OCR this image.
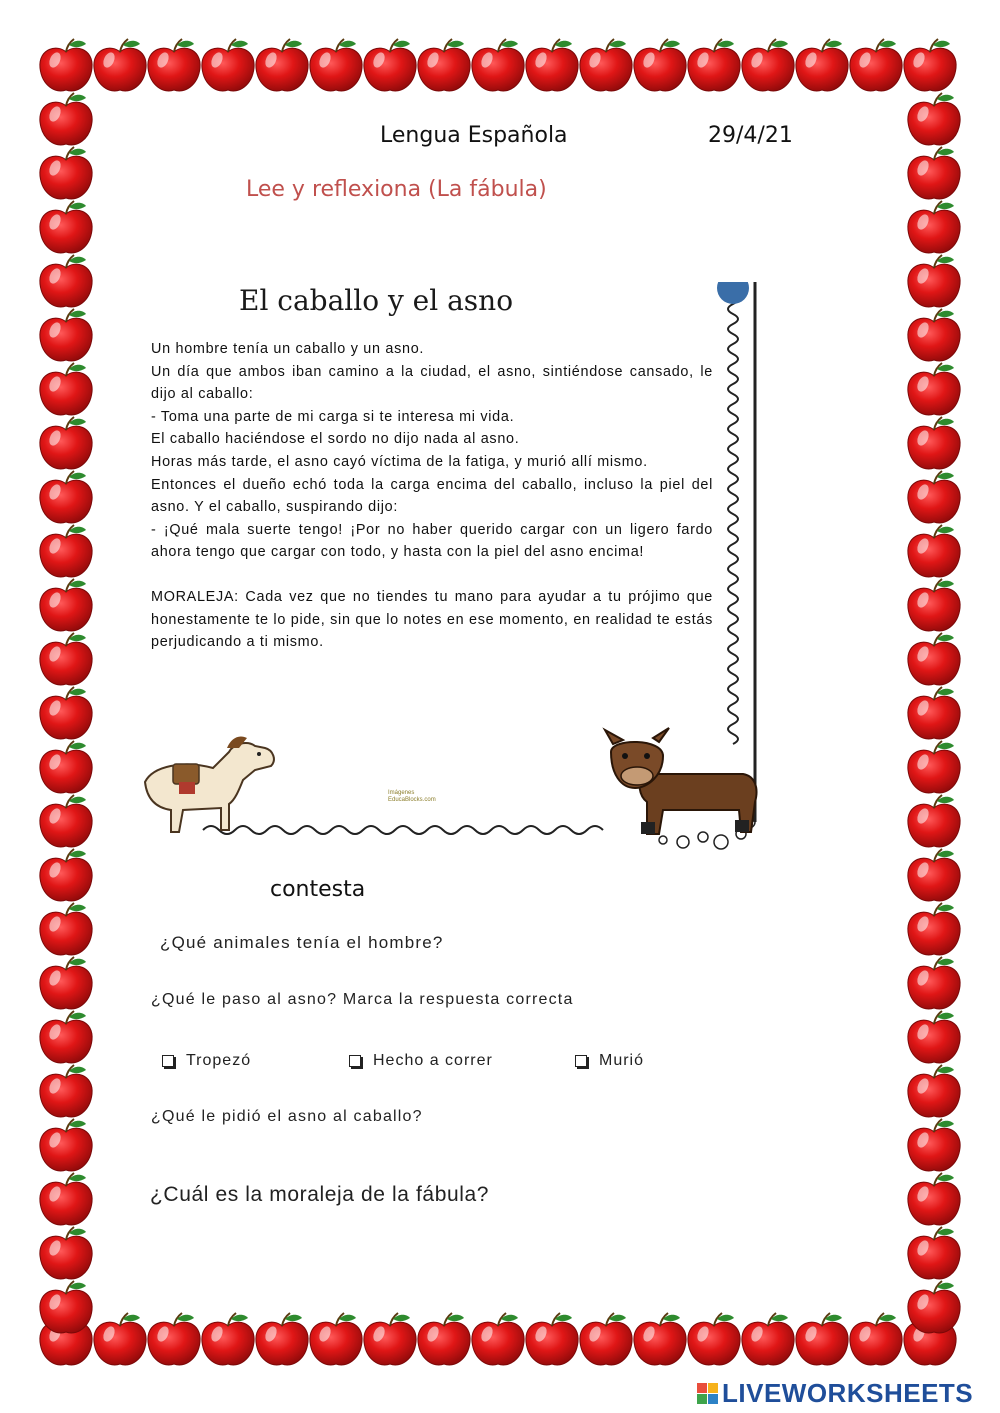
Lengua Española	29/4/21
Lee y reflexiona (La fábula)
El caballo y el asno

Un hombre tenía un caballo y un asno.

Un día que ambos iban camino a la ciudad, el asno, sintiéndose cansado, le dijo al caballo:

- Toma una parte de mi carga si te interesa mi vida.

El caballo haciéndose el sordo no dijo nada al asno.

Horas más tarde, el asno cayó víctima de la fatiga, y murió allí mismo.

Entonces el dueño echó toda la carga encima del caballo, incluso la piel del asno. Y el caballo, suspirando dijo:

- ¡Qué mala suerte tengo! ¡Por no haber querido cargar con un ligero fardo ahora tengo que cargar con todo, y hasta con la piel del asno encima!

MORALEJA: Cada vez que no tiendes tu mano para ayudar a tu prójimo que honestamente te lo pide, sin que lo notes en ese momento, en realidad te estás perjudicando a ti mismo.

Imágenes
EducaBlocks.com
contesta
¿Qué animales tenía el hombre?
¿Qué le paso al asno? Marca la respuesta correcta
Tropezó	Hecho a correr	Murió
¿Qué le pidió el asno al caballo?
¿Cuál es la moraleja de la fábula?
LIVEWORKSHEETS
